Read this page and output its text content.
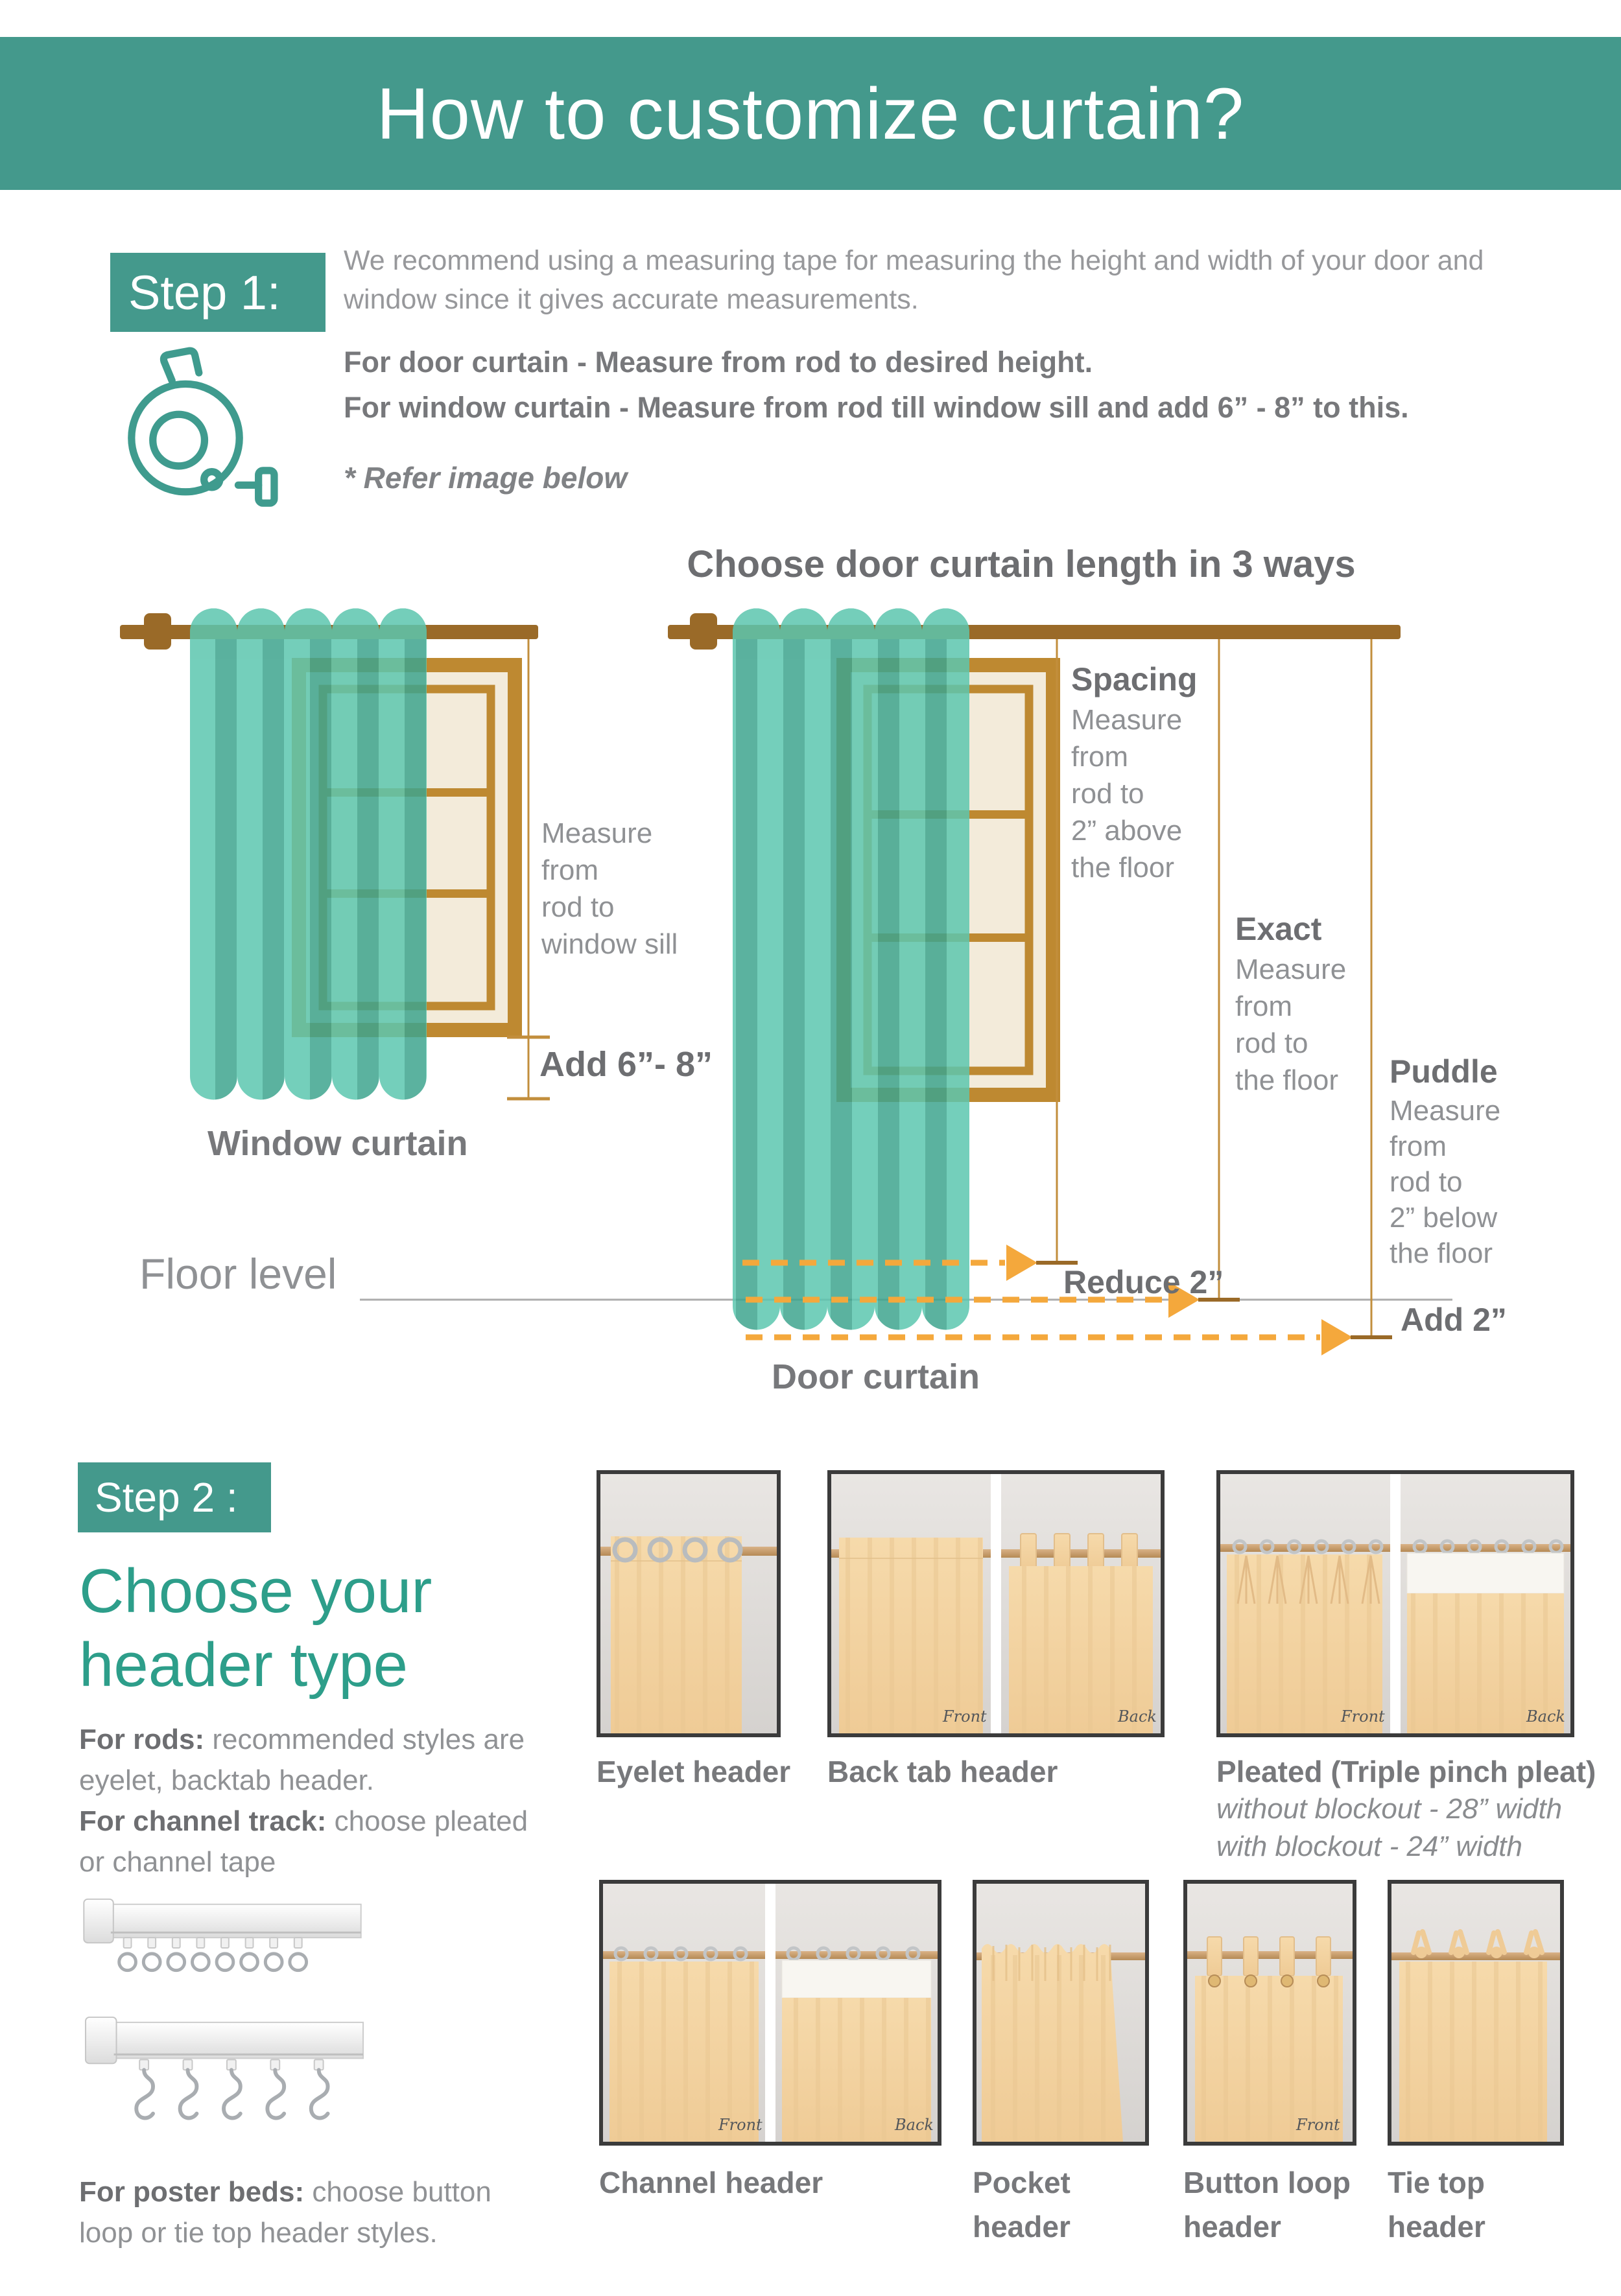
How to customize curtain?
Step 1:

We recommend using a measuring tape for measuring the height and width of your door and window since it gives accurate measurements.

For door curtain - Measure from rod to desired height.
For window curtain - Measure from rod till window sill and add 6” - 8” to this.
* Refer image below
Choose door curtain length in 3 ways
Measure
from
rod to
window sill
Add 6”- 8”
Window curtain
Spacing
Measure
from
rod to
2” above
the floor
Exact
Measure
from
rod to
the floor Puddle
Measure
from
rod to
2” below
the floor
Floor level	Reduce 2”
Add 2”
Door curtain
Step 2 :
Choose your
header type

For rods: recommended styles are eyelet, backtab header.
For channel track: choose pleated or channel tape

For poster beds: choose button loop or tie top header styles.

Front	Back	Front	Back
Eyelet header Back tab header	Pleated (Triple pinch pleat)
without blockout - 28” width
with blockout - 24” width
Front	Back	Front
Channel header	Pocket
header
Button loop
header
Tie top
header
